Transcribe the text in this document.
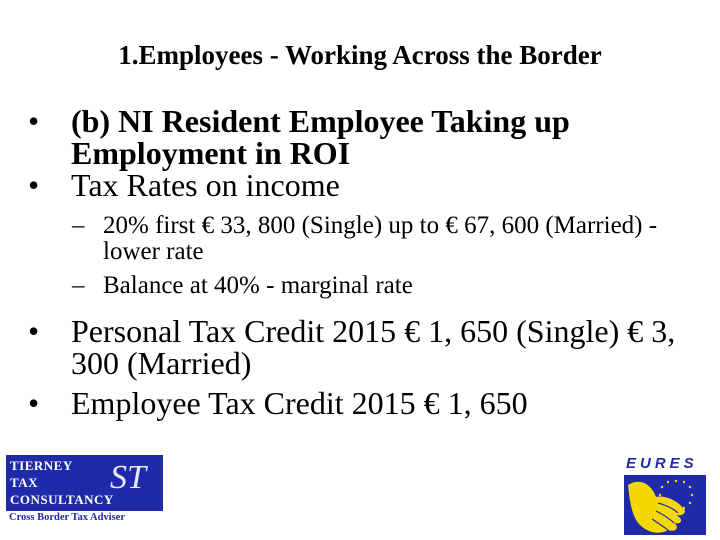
1.Employees - Working Across the Border
• (b) NI Resident Employee Taking up Employment in ROI
• Tax Rates on income
– 20% first € 33, 800 (Single) up to € 67, 600 (Married) - lower rate
– Balance at 40% - marginal rate
• Personal Tax Credit 2015 € 1, 650 (Single) € 3, 300 (Married)
• Employee Tax Credit 2015 € 1, 650
TIERNEY
TAX
CONSULTANCY
ST
Cross Border Tax Adviser
EURES
